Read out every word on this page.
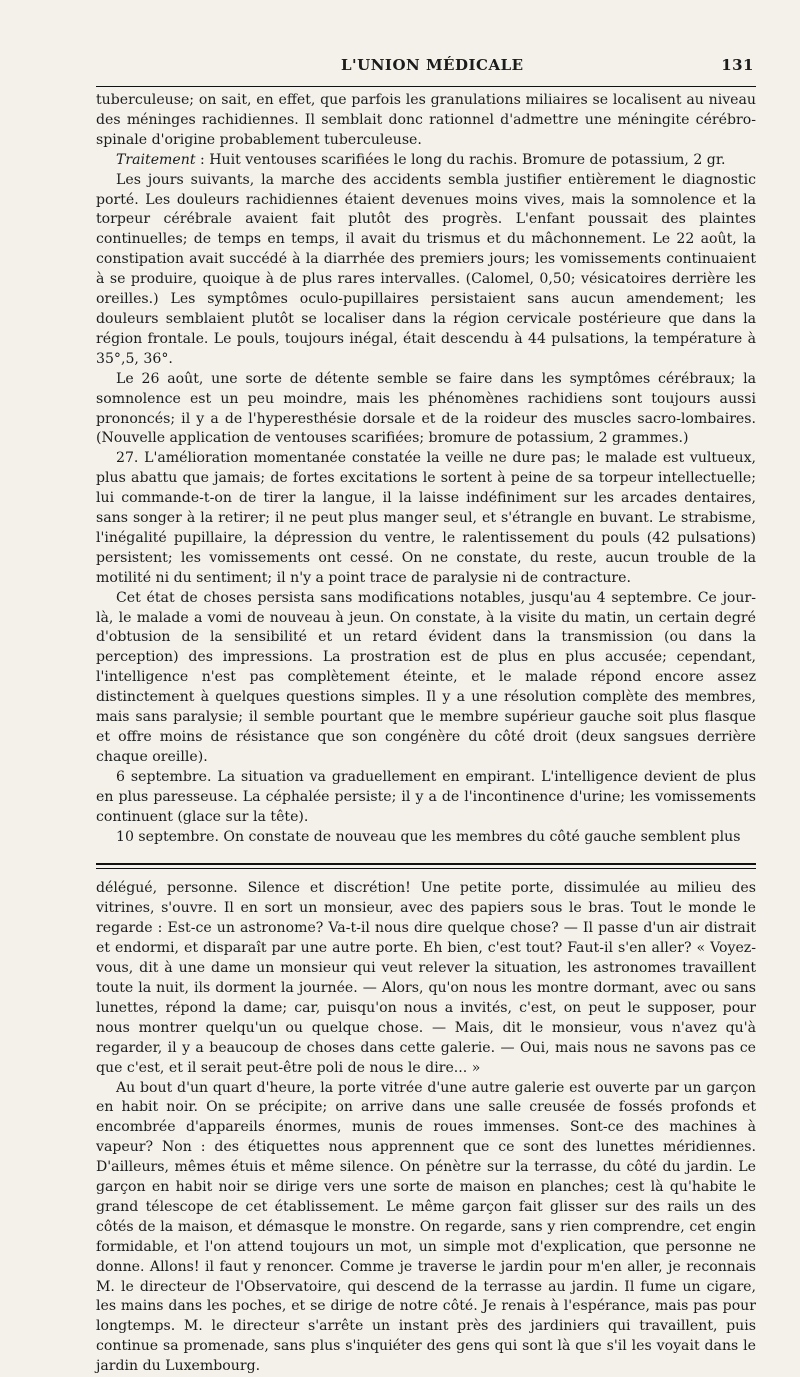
L'UNION MÉDICALE	131

tuberculeuse; on sait, en effet, que parfois les granulations miliaires se localisent au niveau des méninges rachidiennes. Il semblait donc rationnel d'admettre une méningite cérébro-spinale d'origine probablement tuberculeuse.

Traitement : Huit ventouses scarifiées le long du rachis. Bromure de potassium, 2 gr.

Les jours suivants, la marche des accidents sembla justifier entièrement le diagnostic porté. Les douleurs rachidiennes étaient devenues moins vives, mais la somnolence et la torpeur cérébrale avaient fait plutôt des progrès. L'enfant poussait des plaintes continuelles; de temps en temps, il avait du trismus et du mâchonnement. Le 22 août, la constipation avait succédé à la diarrhée des premiers jours; les vomissements continuaient à se produire, quoique à de plus rares intervalles. (Calomel, 0,50; vésicatoires derrière les oreilles.) Les symptômes oculo-pupillaires persistaient sans aucun amendement; les douleurs semblaient plutôt se localiser dans la région cervicale postérieure que dans la région frontale. Le pouls, toujours inégal, était descendu à 44 pulsations, la température à 35°,5, 36°.

Le 26 août, une sorte de détente semble se faire dans les symptômes cérébraux; la somnolence est un peu moindre, mais les phénomènes rachidiens sont toujours aussi prononcés; il y a de l'hyperesthésie dorsale et de la roideur des muscles sacro-lombaires. (Nouvelle application de ventouses scarifiées; bromure de potassium, 2 grammes.)

27. L'amélioration momentanée constatée la veille ne dure pas; le malade est vultueux, plus abattu que jamais; de fortes excitations le sortent à peine de sa torpeur intellectuelle; lui commande-t-on de tirer la langue, il la laisse indéfiniment sur les arcades dentaires, sans songer à la retirer; il ne peut plus manger seul, et s'étrangle en buvant. Le strabisme, l'inégalité pupillaire, la dépression du ventre, le ralentissement du pouls (42 pulsations) persistent; les vomissements ont cessé. On ne constate, du reste, aucun trouble de la motilité ni du sentiment; il n'y a point trace de paralysie ni de contracture.

Cet état de choses persista sans modifications notables, jusqu'au 4 septembre. Ce jour-là, le malade a vomi de nouveau à jeun. On constate, à la visite du matin, un certain degré d'obtusion de la sensibilité et un retard évident dans la transmission (ou dans la perception) des impressions. La prostration est de plus en plus accusée; cependant, l'intelligence n'est pas complètement éteinte, et le malade répond encore assez distinctement à quelques questions simples. Il y a une résolution complète des membres, mais sans paralysie; il semble pourtant que le membre supérieur gauche soit plus flasque et offre moins de résistance que son congénère du côté droit (deux sangsues derrière chaque oreille).

6 septembre. La situation va graduellement en empirant. L'intelligence devient de plus en plus paresseuse. La céphalée persiste; il y a de l'incontinence d'urine; les vomissements continuent (glace sur la tête).

10 septembre. On constate de nouveau que les membres du côté gauche semblent plus

délégué, personne. Silence et discrétion! Une petite porte, dissimulée au milieu des vitrines, s'ouvre. Il en sort un monsieur, avec des papiers sous le bras. Tout le monde le regarde : Est-ce un astronome? Va-t-il nous dire quelque chose? — Il passe d'un air distrait et endormi, et disparaît par une autre porte. Eh bien, c'est tout? Faut-il s'en aller? « Voyez-vous, dit à une dame un monsieur qui veut relever la situation, les astronomes travaillent toute la nuit, ils dorment la journée. — Alors, qu'on nous les montre dormant, avec ou sans lunettes, répond la dame; car, puisqu'on nous a invités, c'est, on peut le supposer, pour nous montrer quelqu'un ou quelque chose. — Mais, dit le monsieur, vous n'avez qu'à regarder, il y a beaucoup de choses dans cette galerie. — Oui, mais nous ne savons pas ce que c'est, et il serait peut-être poli de nous le dire... »

Au bout d'un quart d'heure, la porte vitrée d'une autre galerie est ouverte par un garçon en habit noir. On se précipite; on arrive dans une salle creusée de fossés profonds et encombrée d'appareils énormes, munis de roues immenses. Sont-ce des machines à vapeur? Non : des étiquettes nous apprennent que ce sont des lunettes méridiennes. D'ailleurs, mêmes étuis et même silence. On pénètre sur la terrasse, du côté du jardin. Le garçon en habit noir se dirige vers une sorte de maison en planches; cest là qu'habite le grand télescope de cet établissement. Le même garçon fait glisser sur des rails un des côtés de la maison, et démasque le monstre. On regarde, sans y rien comprendre, cet engin formidable, et l'on attend toujours un mot, un simple mot d'explication, que personne ne donne. Allons! il faut y renoncer. Comme je traverse le jardin pour m'en aller, je reconnais M. le directeur de l'Observatoire, qui descend de la terrasse au jardin. Il fume un cigare, les mains dans les poches, et se dirige de notre côté. Je renais à l'espérance, mais pas pour longtemps. M. le directeur s'arrête un instant près des jardiniers qui travaillent, puis continue sa promenade, sans plus s'inquiéter des gens qui sont là que s'il les voyait dans le jardin du Luxembourg.
